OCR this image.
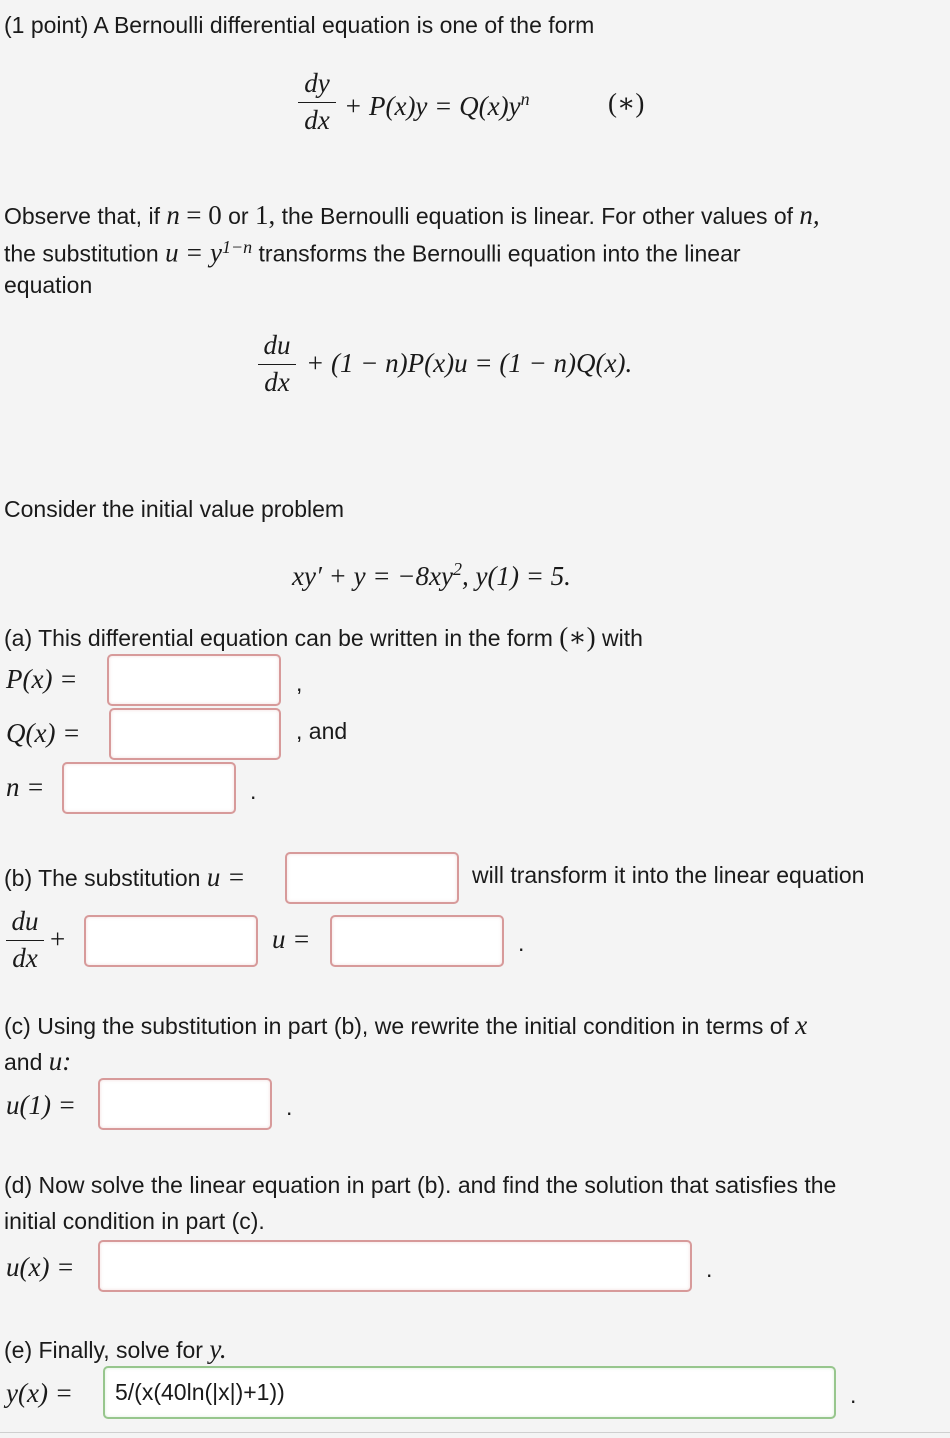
(1 point) A Bernoulli differential equation is one of the form
dy
dx + $P(x)y = Q(x)y^n$	(∗)
Observe that, if n = 0 or 1, the Bernoulli equation is linear. For other values of n,
the substitution $u = y^{1-n}$ transforms the Bernoulli equation into the linear
equation
du
dx
+ (1 − n)P(x)u = (1 − n)Q(x).
Consider the initial value problem
$xy' + y = -8xy^2$, y(1) = 5.
(a) This differential equation can be written in the form (∗) with
P(x) =	,
Q(x) =	, and
n =	.
(b) The substitution u =	will transform it into the linear equation
du
dx
+	u =	.
(c) Using the substitution in part (b), we rewrite the initial condition in terms of x
and u:
u(1) =	.
(d) Now solve the linear equation in part (b). and find the solution that satisfies the
initial condition in part (c).
u(x) =	.
(e) Finally, solve for y.
y(x) =
5/(x(40ln(|x|)+1))	.
